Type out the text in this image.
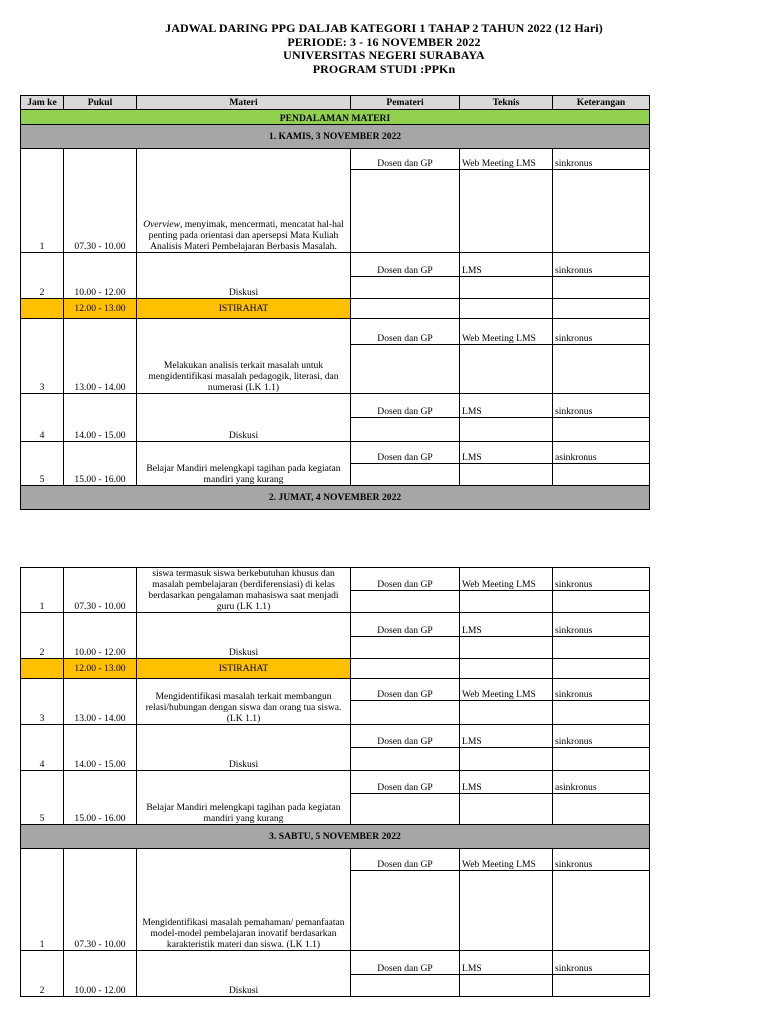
JADWAL DARING PPG DALJAB KATEGORI 1 TAHAP 2 TAHUN 2022 (12 Hari)
PERIODE: 3 - 16 NOVEMBER 2022
UNIVERSITAS NEGERI SURABAYA
PROGRAM STUDI :PPKn
Jam ke	Pukul	Materi	Pemateri	Teknis	Keterangan
PENDALAMAN MATERI					
1. KAMIS, 3 NOVEMBER 2022					
1	07.30 - 10.00	Overview, menyimak, mencermati, mencatat hal-hal penting pada orientasi dan apersepsi Mata Kuliah Analisis Materi Pembelajaran Berbasis Masalah.	Dosen dan GP	Web Meeting LMS	sinkronus

2	10.00 - 12.00	Diskusi	Dosen dan GP	LMS	sinkronus

	12.00 - 13.00	ISTIRAHAT			
3	13.00 - 14.00	Melakukan analisis terkait masalah untuk mengidentifikasi masalah pedagogik, literasi, dan numerasi (LK 1.1)	Dosen dan GP	Web Meeting LMS	sinkronus

4	14.00 - 15.00	Diskusi	Dosen dan GP	LMS	sinkronus

5	15.00 - 16.00	Belajar Mandiri melengkapi tagihan pada kegiatan mandiri yang kurang	Dosen dan GP	LMS	asinkronus

2. JUMAT, 4 NOVEMBER 2022					
1	07.30 - 10.00	siswa termasuk siswa berkebutuhan khusus dan masalah pembelajaran (berdiferensiasi) di kelas berdasarkan pengalaman mahasiswa saat menjadi guru (LK 1.1)	Dosen dan GP	Web Meeting LMS	sinkronus

2	10.00 - 12.00	Diskusi	Dosen dan GP	LMS	sinkronus

	12.00 - 13.00	ISTIRAHAT			
3	13.00 - 14.00	Mengidentifikasi masalah terkait membangun relasi/hubungan dengan siswa dan orang tua siswa. (LK 1.1)	Dosen dan GP	Web Meeting LMS	sinkronus

4	14.00 - 15.00	Diskusi	Dosen dan GP	LMS	sinkronus

5	15.00 - 16.00	Belajar Mandiri melengkapi tagihan pada kegiatan mandiri yang kurang	Dosen dan GP	LMS	asinkronus

3. SABTU, 5 NOVEMBER 2022					
1	07.30 - 10.00	Mengidentifikasi masalah pemahaman/ pemanfaatan model-model pembelajaran inovatif berdasarkan karakteristik materi dan siswa. (LK 1.1)	Dosen dan GP	Web Meeting LMS	sinkronus

2	10.00 - 12.00	Diskusi	Dosen dan GP	LMS	sinkronus
